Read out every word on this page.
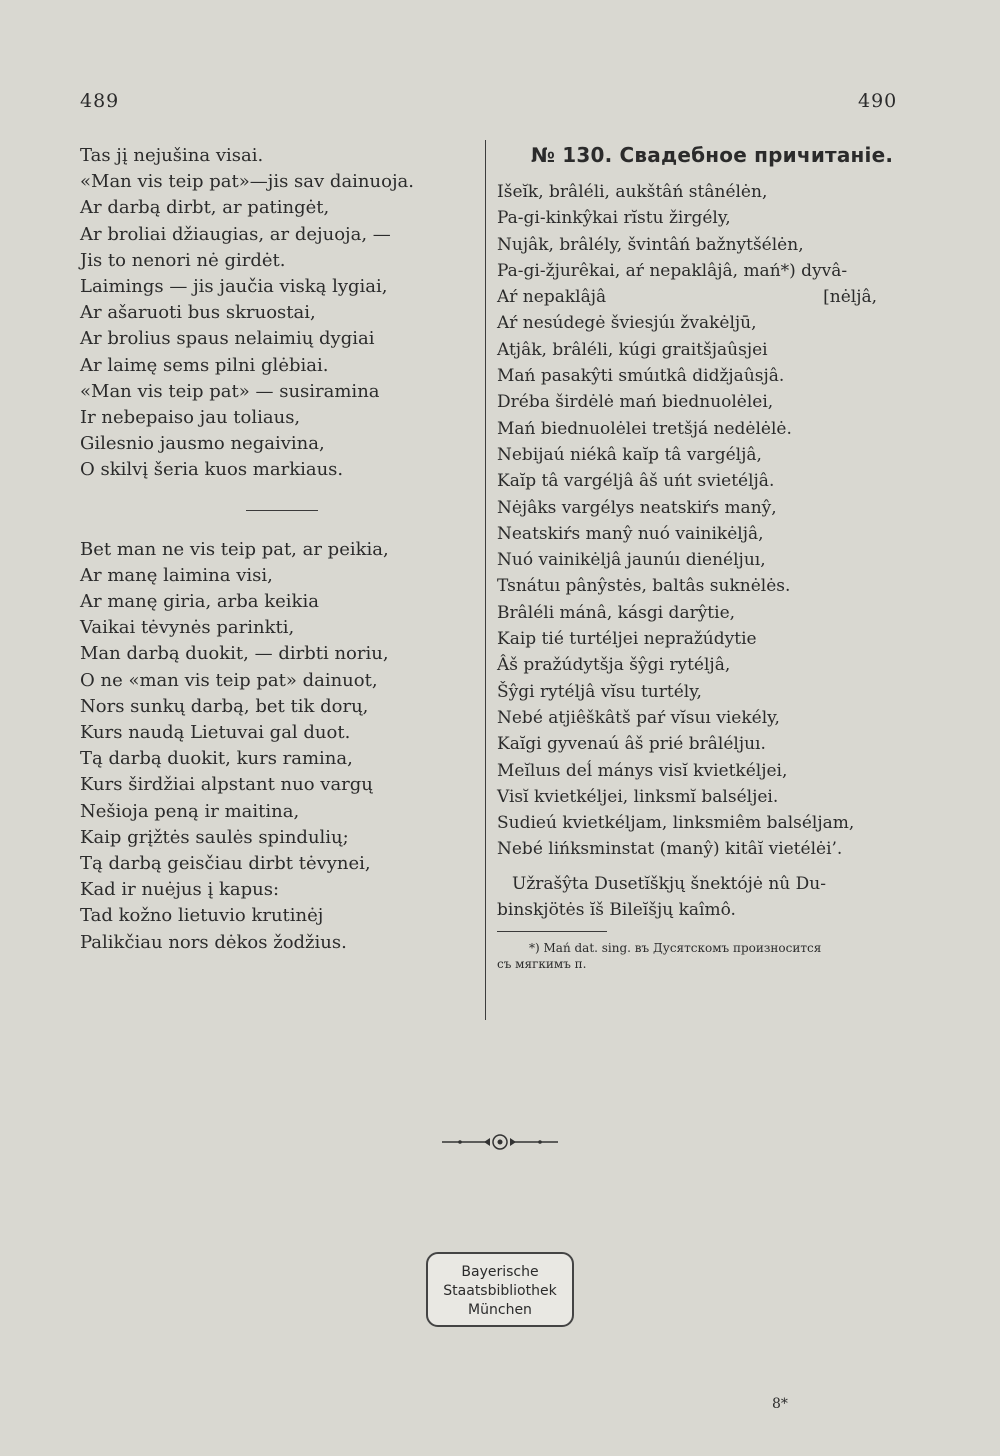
489	490
Tas jį nejušina visai.
«Man vis teip pat»—jis sav dainuoja.
Ar darbą dirbt, ar patingėt,
Ar broliai džiaugias, ar dejuoja, —
Jis to nenori nė girdėt.
Laimings — jis jaučia viską lygiai,
Ar ašaruoti bus skruostai,
Ar brolius spaus nelaimių dygiai
Ar laimę sems pilni glėbiai.
«Man vis teip pat» — susiramina
Ir nebepaiso jau toliaus,
Gilesnio jausmo negaivina,
O skilvį šeria kuos markiaus.
Bet man ne vis teip pat, ar peikia,
Ar manę laimina visi,
Ar manę giria, arba keikia
Vaikai tėvynės parinkti,
Man darbą duokit, — dirbti noriu,
O ne «man vis teip pat» dainuot,
Nors sunkų darbą, bet tik dorų,
Kurs naudą Lietuvai gal duot.
Tą darbą duokit, kurs ramina,
Kurs širdžiai alpstant nuo vargų
Nešioja peną ir maitina,
Kaip grįžtės saulės spindulių;
Tą darbą geisčiau dirbt tėvynei,
Kad ir nuėjus į kapus:
Tad kožno lietuvio krutinėj
Palikčiau nors dėkos žodžius.
№ 130. Свадебное причитаніе.
Išeĭk, brâléli, aukštâń stânélėn,
Pa-gi-kinkŷkai rĭstu žirgély,
Nujâk, brâlély, švintâń bažnytšélėn,
Pa-gi-žjurêkai, aŕ nepaklâjâ, mań*) dyvâ-
Aŕ nepaklâjâ	[nėljâ,
Aŕ nesúdegė šviesjúı žvakėljū,
Atjâk, brâléli, kúgi graitšjaûsjei
Mań pasakŷti smúıtkâ didžjaûsjâ.
Dréba širdėlė mań biednuolėlei,
Mań biednuolėlei tretšjá nedėlėlė.
Nebijaú niékâ kaĭp tâ vargéljâ,
Kaĭp tâ vargéljâ âš uńt svietéljâ.
Nėjâks vargélys neatskiŕs manŷ,
Neatskiŕs manŷ nuó vainikėljâ,
Nuó vainikėljâ jaunúı dienéljuı,
Tsnátuı pânŷstės, baltâs suknėlės.
Brâléli mánâ, kásgi darŷtie,
Kaip tié turtéljei nepražúdytie
Âš pražúdytšja šŷgi rytéljâ,
Šŷgi rytéljâ vĭsu turtély,
Nebé atjiêškâtš paŕ vĭsuı viekély,
Kaĭgi gyvenaú âš prié brâléljuı.
Meĭluıs deĺ mánys visĭ kvietkéljei,
Visĭ kvietkéljei, linksmĭ balséljei.
Sudieú kvietkéljam, linksmiêm balséljam,
Nebé lińksminstat (manŷ) kitâĭ vietélėi’.
Užrašŷta Dusetĭškjų šnektójė nû Du-
binskjötės ĭš Bileĭšjų kaîmô.
*) Mań dat. sing. въ Дусятскомъ произносится
съ мягкимъ п.
Bayerische
Staatsbibliothek
München
8*
